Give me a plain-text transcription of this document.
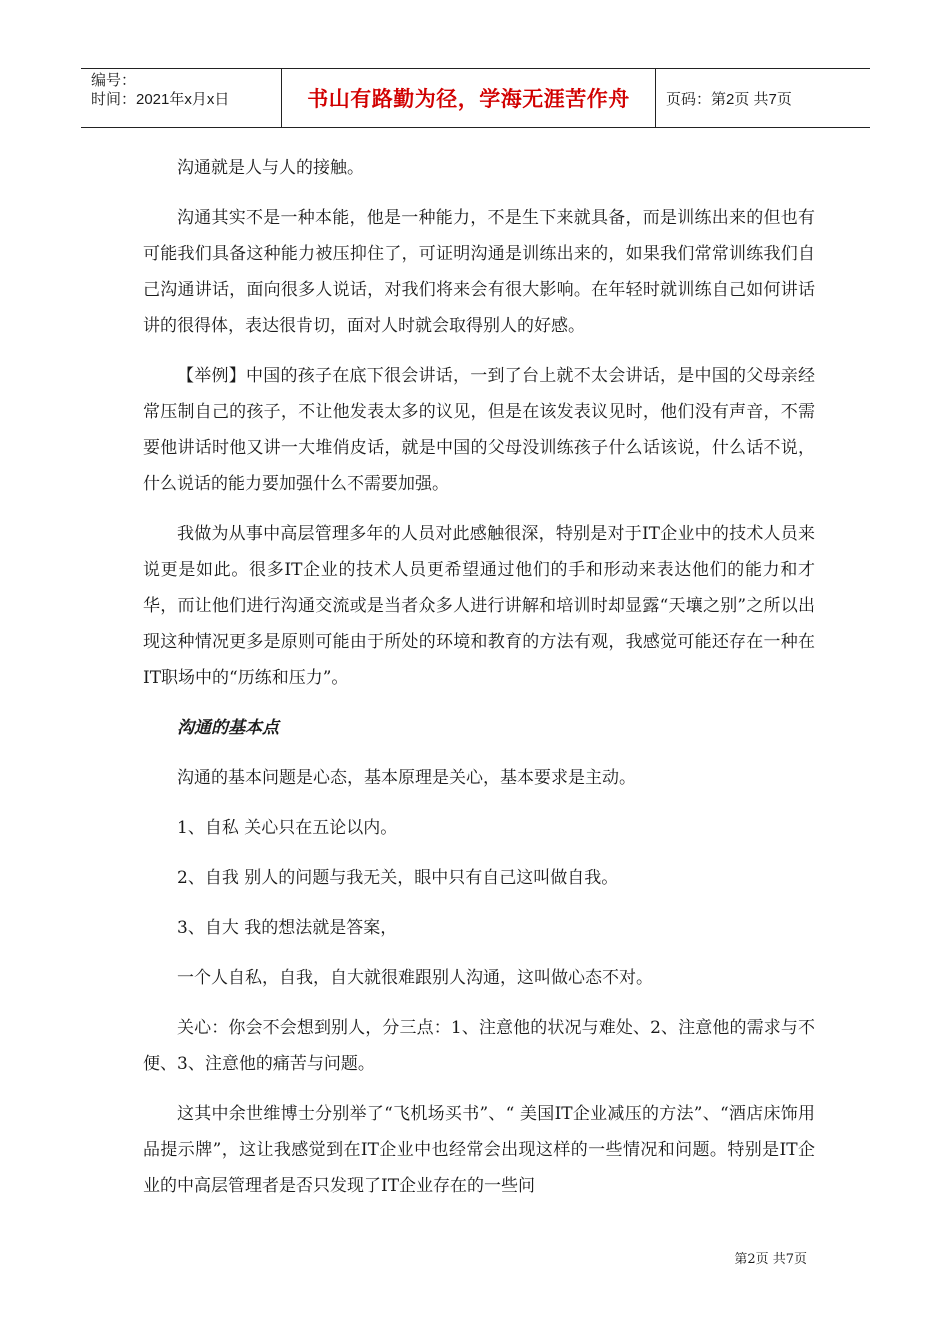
编号：
时间：2021年x月x日	书山有路勤为径，学海无涯苦作舟 页码：第2页 共7页

沟通就是人与人的接触。

沟通其实不是一种本能，他是一种能力，不是生下来就具备，而是训练出来的但也有可能我们具备这种能力被压抑住了，可证明沟通是训练出来的，如果我们常常训练我们自己沟通讲话，面向很多人说话，对我们将来会有很大影响。在年轻时就训练自己如何讲话讲的很得体，表达很肯切，面对人时就会取得别人的好感。

【举例】中国的孩子在底下很会讲话，一到了台上就不太会讲话，是中国的父母亲经常压制自己的孩子，不让他发表太多的议见，但是在该发表议见时，他们没有声音，不需要他讲话时他又讲一大堆俏皮话，就是中国的父母没训练孩子什么话该说，什么话不说，什么说话的能力要加强什么不需要加强。

我做为从事中高层管理多年的人员对此感触很深，特别是对于IT企业中的技术人员来说更是如此。很多IT企业的技术人员更希望通过他们的手和形动来表达他们的能力和才华，而让他们进行沟通交流或是当者众多人进行讲解和培训时却显露“天壤之别”之所以出现这种情况更多是原则可能由于所处的环境和教育的方法有观，我感觉可能还存在一种在IT职场中的“历练和压力”。

沟通的基本点

沟通的基本问题是心态，基本原理是关心，基本要求是主动。

1、自私 关心只在五论以内。

2、自我 别人的问题与我无关，眼中只有自己这叫做自我。

3、自大 我的想法就是答案，

一个人自私，自我，自大就很难跟别人沟通，这叫做心态不对。

关心：你会不会想到别人，分三点：1、注意他的状况与难处、2、注意他的需求与不便、3、注意他的痛苦与问题。

这其中余世维博士分别举了“飞机场买书”、“ 美国IT企业减压的方法”、“酒店床饰用品提示牌”，这让我感觉到在IT企业中也经常会出现这样的一些情况和问题。特别是IT企业的中高层管理者是否只发现了IT企业存在的一些问

第2页 共7页
